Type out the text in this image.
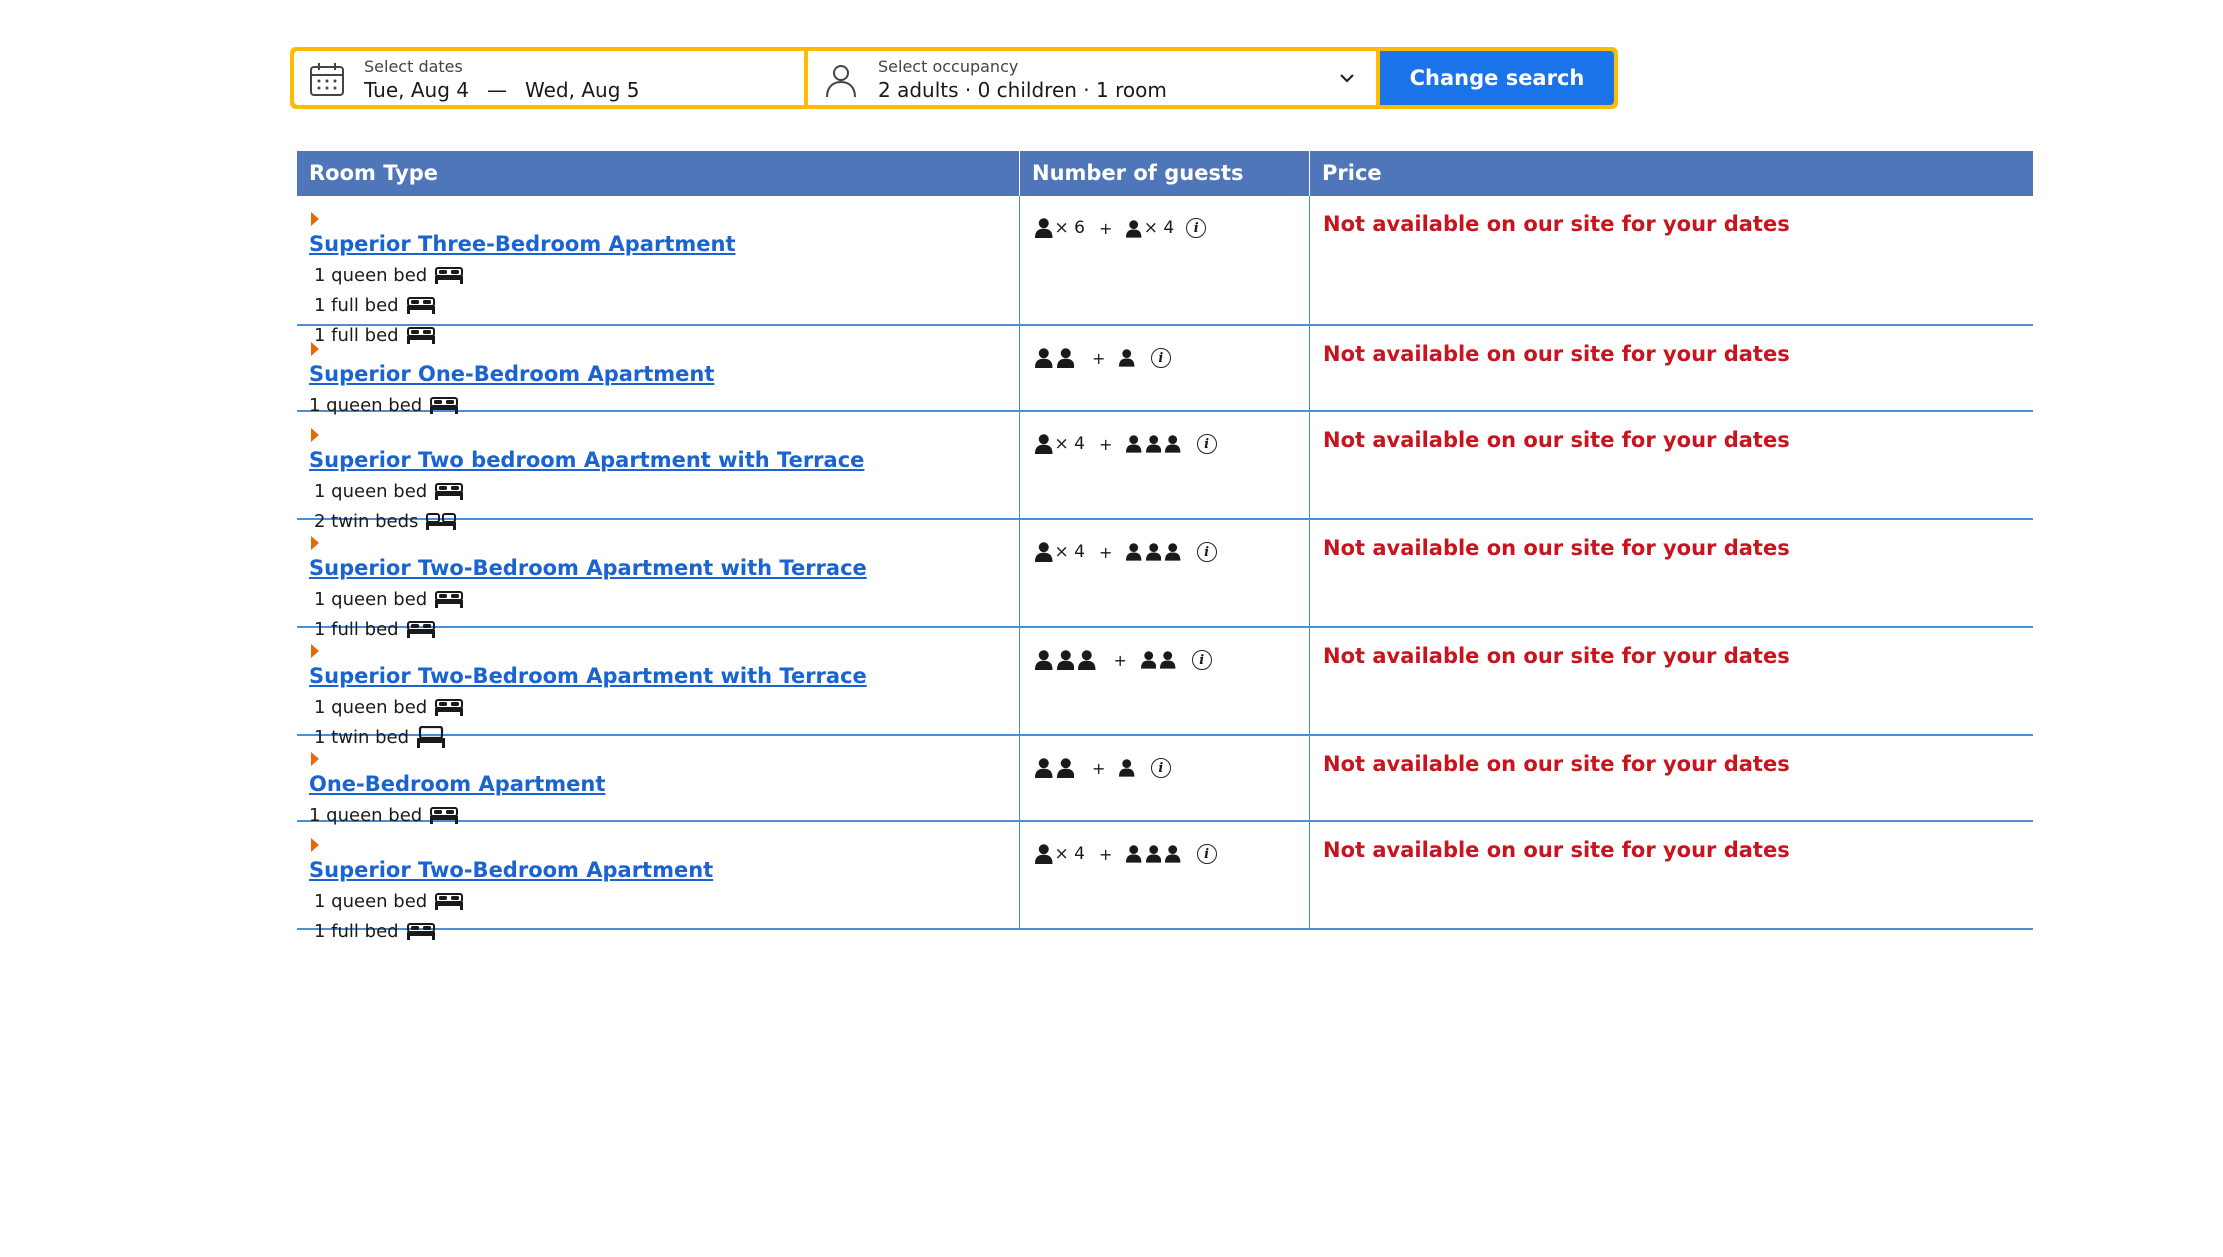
Select dates
Tue, Aug 4 — Wed, Aug 5
Select occupancy
2 adults · 0 children · 1 room	Change search
Room Type	Number of guests	Price
Superior Three-Bedroom Apartment
1 queen bed
1 full bed
1 full bed
× 6 + × 4	i	Not available on our site for your dates
Superior One-Bedroom Apartment
1 queen bed
+	i	Not available on our site for your dates
Superior Two bedroom Apartment with Terrace
1 queen bed
2 twin beds
× 4 +	i	Not available on our site for your dates
Superior Two-Bedroom Apartment with Terrace
1 queen bed
1 full bed
× 4 +	i	Not available on our site for your dates
Superior Two-Bedroom Apartment with Terrace
1 queen bed
1 twin bed
+	i	Not available on our site for your dates
One-Bedroom Apartment
1 queen bed
+	i	Not available on our site for your dates
Superior Two-Bedroom Apartment
1 queen bed
1 full bed
× 4 +	i	Not available on our site for your dates
